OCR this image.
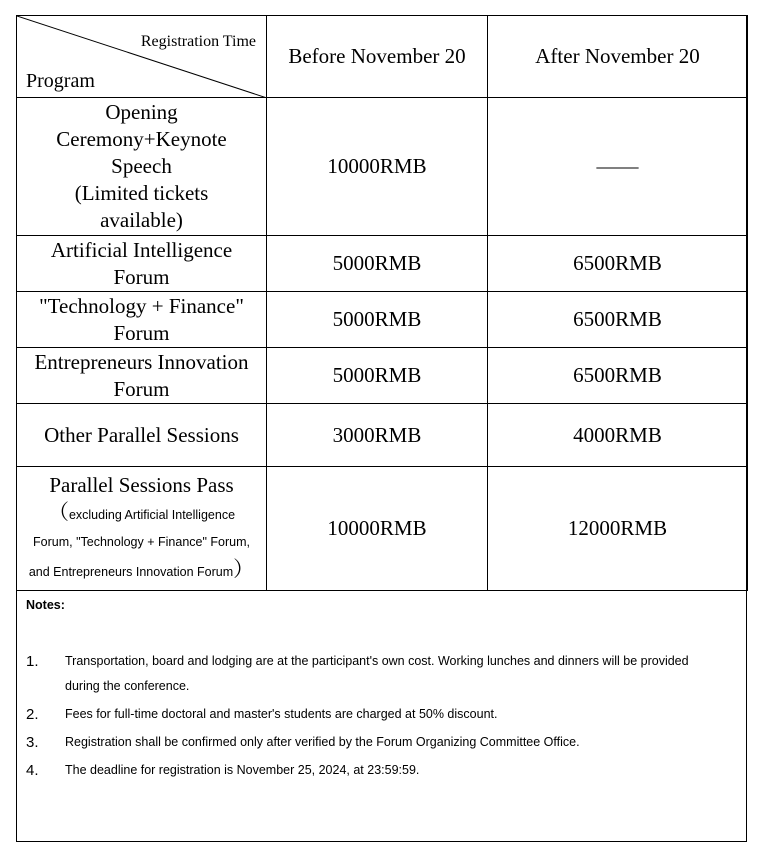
Registration Time
Program	Before November 20	After November 20

Opening
Ceremony+Keynote
Speech
(Limited tickets
available)	10000RMB	——

Artificial Intelligence
Forum	5000RMB	6500RMB

"Technology + Finance"
Forum	5000RMB	6500RMB

Entrepreneurs Innovation
Forum	5000RMB	6500RMB

Other Parallel Sessions	3000RMB	4000RMB

Parallel Sessions Pass
（excluding Artificial Intelligence
Forum, "Technology + Finance" Forum,
and Entrepreneurs Innovation Forum）	10000RMB	12000RMB
Notes:
1. Transportation, board and lodging are at the participant's own cost. Working lunches and dinners will be provided
during the conference.
2. Fees for full-time doctoral and master's students are charged at 50% discount.
3. Registration shall be confirmed only after verified by the Forum Organizing Committee Office.
4. The deadline for registration is November 25, 2024, at 23:59:59.
